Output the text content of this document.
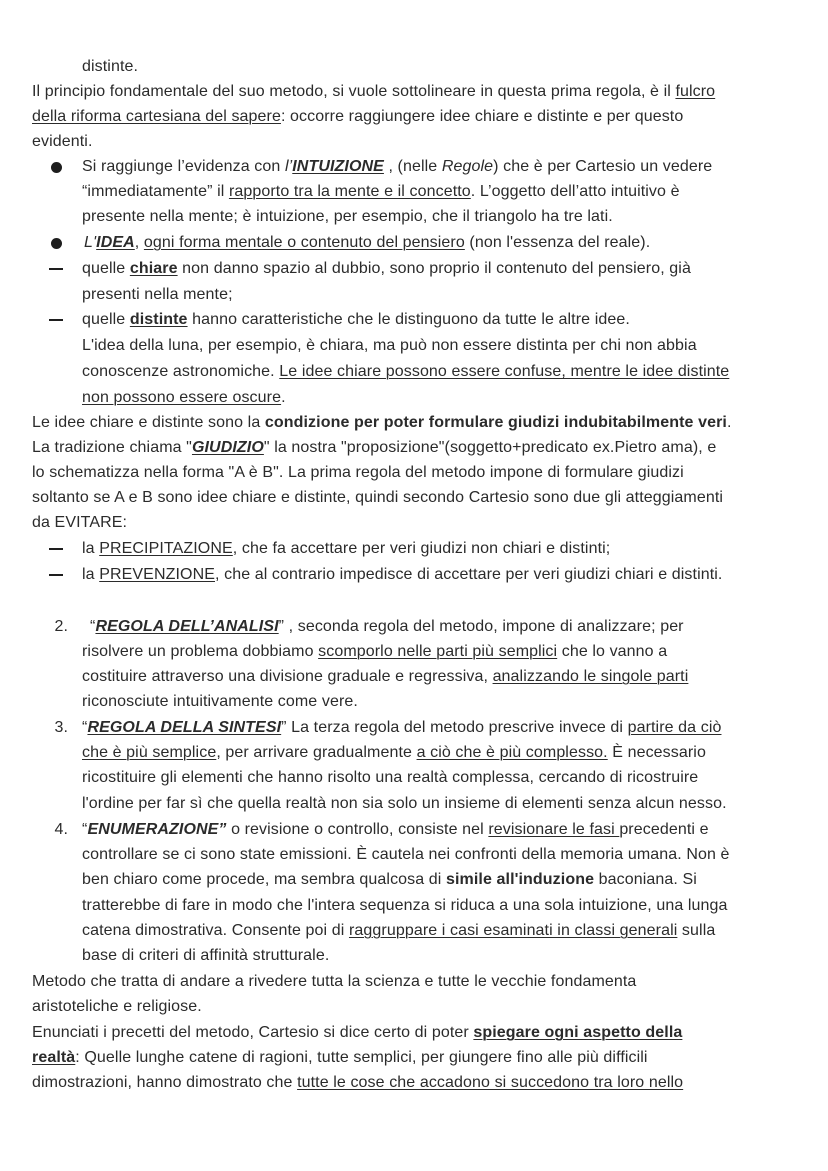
2.
3.
4.
distinte.
Il principio fondamentale del suo metodo, si vuole sottolineare in questa prima regola, è il fulcro
della riforma cartesiana del sapere: occorre raggiungere idee chiare e distinte e per questo
evidenti.
Si raggiunge l’evidenza con l’INTUIZIONE , (nelle Regole) che è per Cartesio un vedere
“immediatamente” il rapporto tra la mente e il concetto. L’oggetto dell’atto intuitivo è
presente nella mente; è intuizione, per esempio, che il triangolo ha tre lati.
L'IDEA, ogni forma mentale o contenuto del pensiero (non l'essenza del reale).
quelle chiare non danno spazio al dubbio, sono proprio il contenuto del pensiero, già
presenti nella mente;
quelle distinte hanno caratteristiche che le distinguono da tutte le altre idee.
L'idea della luna, per esempio, è chiara, ma può non essere distinta per chi non abbia
conoscenze astronomiche. Le idee chiare possono essere confuse, mentre le idee distinte
non possono essere oscure.
Le idee chiare e distinte sono la condizione per poter formulare giudizi indubitabilmente veri.
La tradizione chiama "GIUDIZIO" la nostra "proposizione"(soggetto+predicato ex.Pietro ama), e
lo schematizza nella forma "A è B". La prima regola del metodo impone di formulare giudizi
soltanto se A e B sono idee chiare e distinte, quindi secondo Cartesio sono due gli atteggiamenti
da EVITARE:
la PRECIPITAZIONE, che fa accettare per veri giudizi non chiari e distinti;
la PREVENZIONE, che al contrario impedisce di accettare per veri giudizi chiari e distinti.
“REGOLA DELL’ANALISI” , seconda regola del metodo, impone di analizzare; per
risolvere un problema dobbiamo scomporlo nelle parti più semplici che lo vanno a
costituire attraverso una divisione graduale e regressiva, analizzando le singole parti
riconosciute intuitivamente come vere.
“REGOLA DELLA SINTESI” La terza regola del metodo prescrive invece di partire da ciò
che è più semplice, per arrivare gradualmente a ciò che è più complesso. È necessario
ricostituire gli elementi che hanno risolto una realtà complessa, cercando di ricostruire
l'ordine per far sì che quella realtà non sia solo un insieme di elementi senza alcun nesso.
“ENUMERAZIONE” o revisione o controllo, consiste nel revisionare le fasi precedenti e
controllare se ci sono state emissioni. È cautela nei confronti della memoria umana. Non è
ben chiaro come procede, ma sembra qualcosa di simile all'induzione baconiana. Si
tratterebbe di fare in modo che l'intera sequenza si riduca a una sola intuizione, una lunga
catena dimostrativa. Consente poi di raggruppare i casi esaminati in classi generali sulla
base di criteri di affinità strutturale.
Metodo che tratta di andare a rivedere tutta la scienza e tutte le vecchie fondamenta
aristoteliche e religiose.
Enunciati i precetti del metodo, Cartesio si dice certo di poter spiegare ogni aspetto della
realtà: Quelle lunghe catene di ragioni, tutte semplici, per giungere fino alle più difficili
dimostrazioni, hanno dimostrato che tutte le cose che accadono si succedono tra loro nello
